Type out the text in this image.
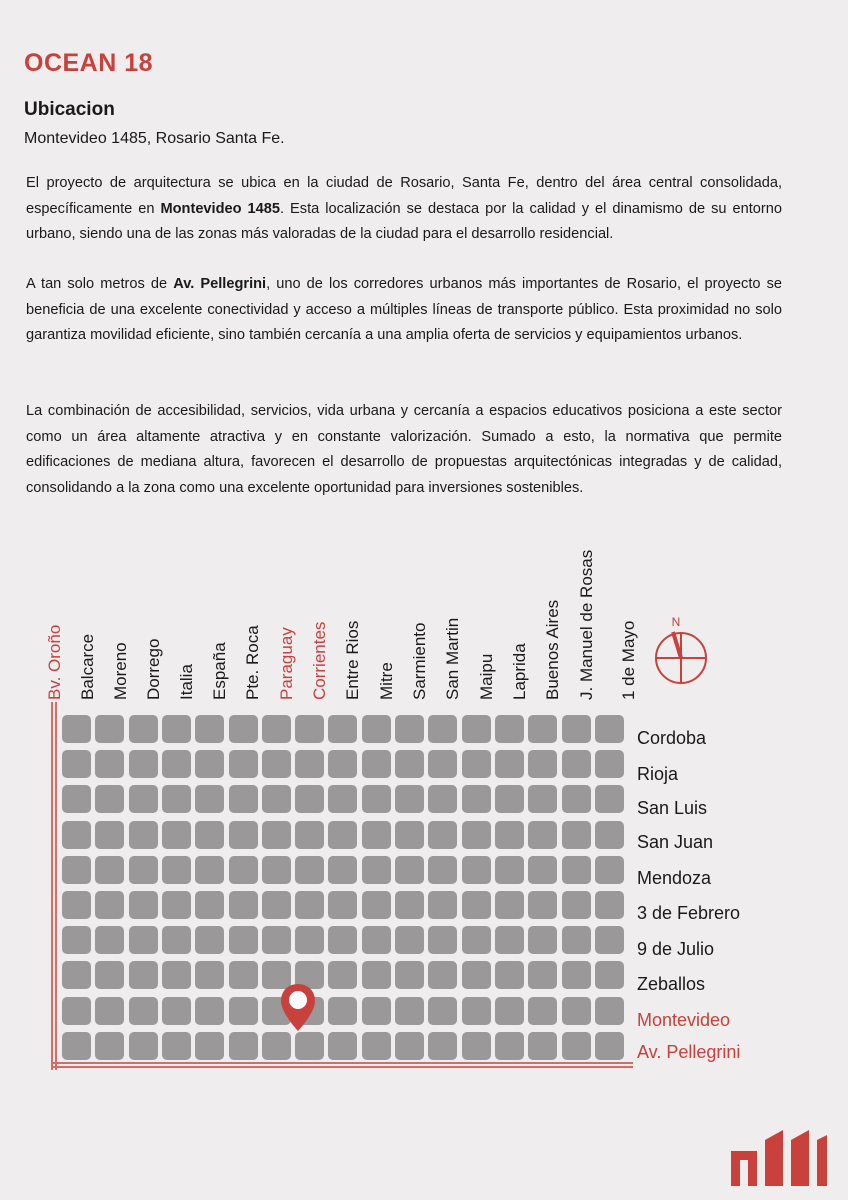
OCEAN 18
Ubicacion

Montevideo 1485, Rosario Santa Fe.

El proyecto de arquitectura se ubica en la ciudad de Rosario, Santa Fe, dentro del área central consolidada, específicamente en Montevideo 1485. Esta localización se destaca por la calidad y el dinamismo de su entorno urbano, siendo una de las zonas más valoradas de la ciudad para el desarrollo residencial.

A tan solo metros de Av. Pellegrini, uno de los corredores urbanos más importantes de Rosario, el proyecto se beneficia de una excelente conectividad y acceso a múltiples líneas de transporte público. Esta proximidad no solo garantiza movilidad eficiente, sino también cercanía a una amplia oferta de servicios y equipamientos urbanos.

La combinación de accesibilidad, servicios, vida urbana y cercanía a espacios educativos posiciona a este sector como un área altamente atractiva y en constante valorización. Sumado a esto, la normativa que permite edificaciones de mediana altura, favorecen el desarrollo de propuestas arquitectónicas integradas y de calidad, consolidando a la zona como una excelente oportunidad para inversiones sostenibles.

Bv. Oroño Balcarce Moreno Dorrego Italia España Pte. Roca Paraguay Corrientes Entre Rios Mitre Sarmiento San Martin Maipu Laprida Buenos Aires J. Manuel de Rosas	1 de Mayo
Cordoba
Rioja
San Luis
San Juan
Mendoza
3 de Febrero
9 de Julio
Zeballos
Montevideo
Av. Pellegrini
N
